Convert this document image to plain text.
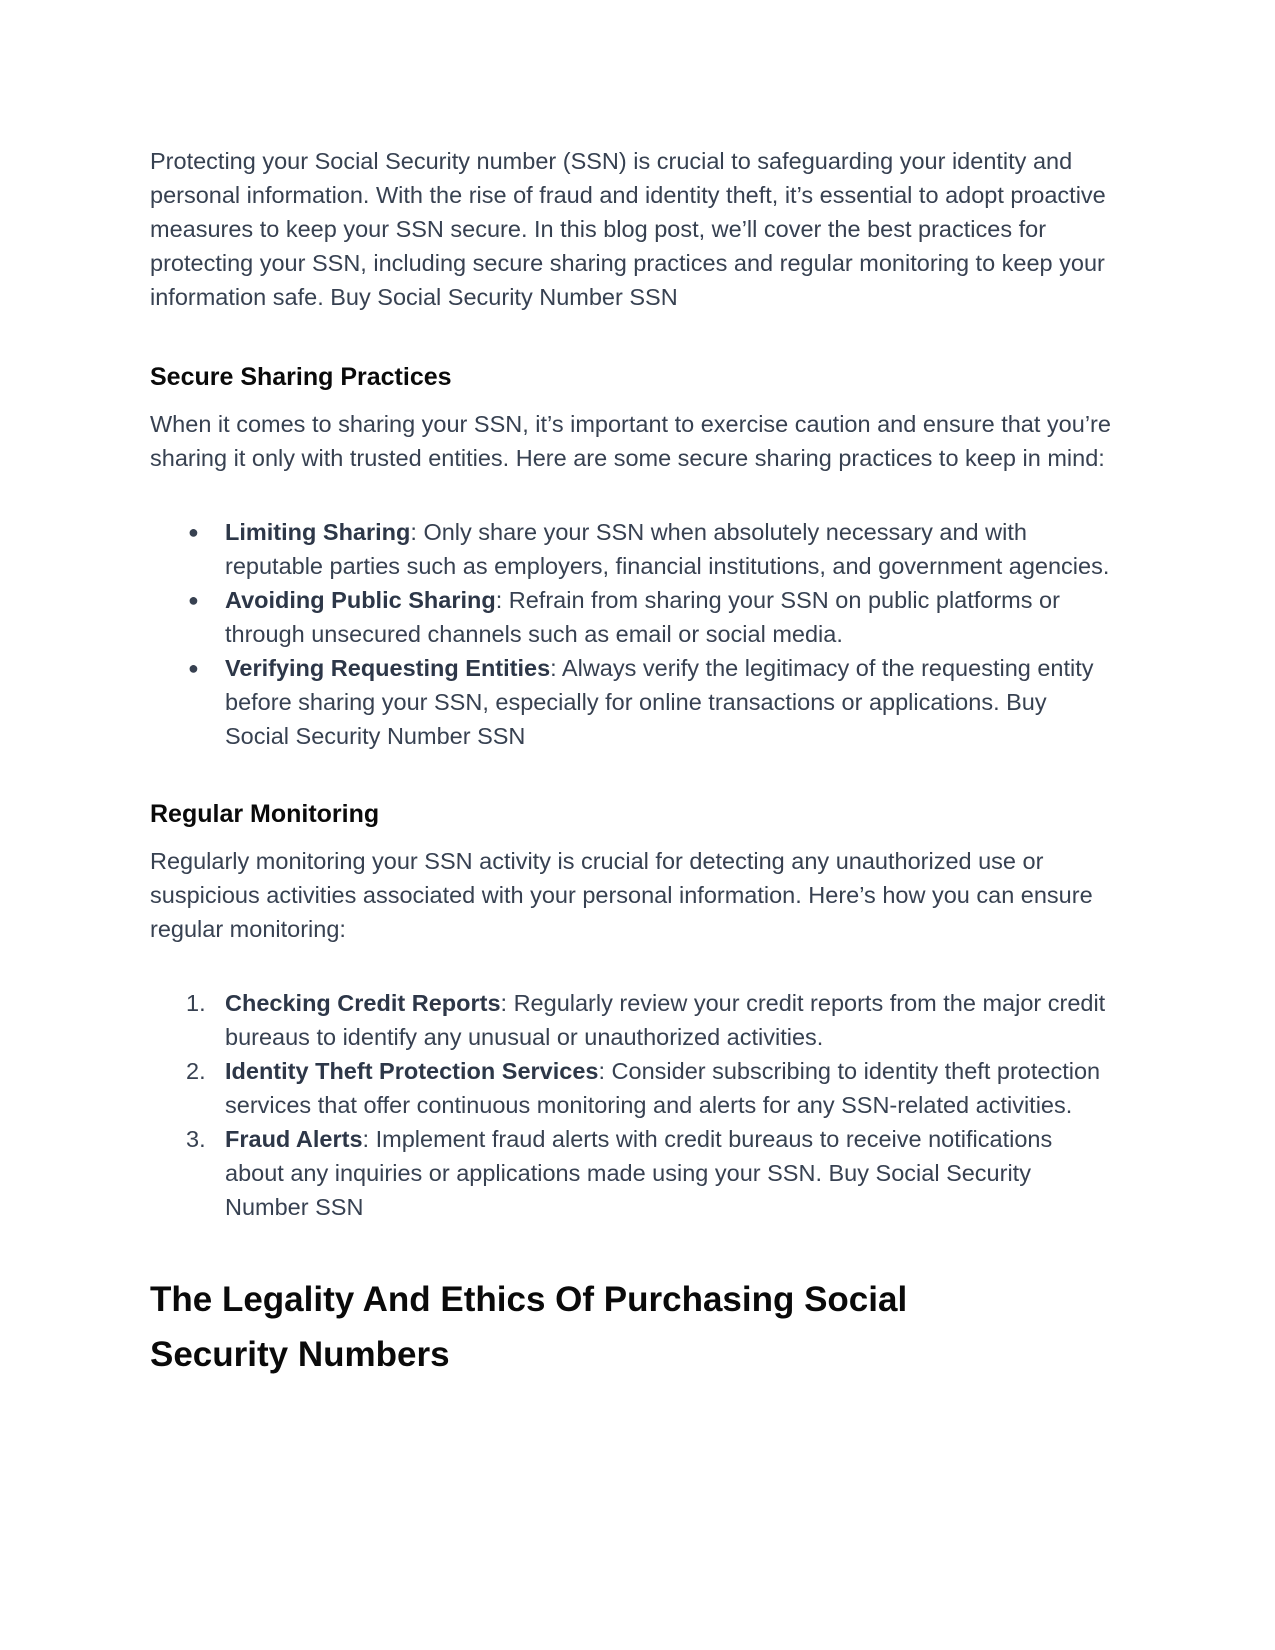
Protecting your Social Security number (SSN) is crucial to safeguarding your identity and personal information. With the rise of fraud and identity theft, it’s essential to adopt proactive measures to keep your SSN secure. In this blog post, we’ll cover the best practices for protecting your SSN, including secure sharing practices and regular monitoring to keep your information safe. Buy Social Security Number SSN

Secure Sharing Practices

When it comes to sharing your SSN, it’s important to exercise caution and ensure that you’re sharing it only with trusted entities. Here are some secure sharing practices to keep in mind:

● Limiting Sharing: Only share your SSN when absolutely necessary and with reputable parties such as employers, financial institutions, and government agencies.
● Avoiding Public Sharing: Refrain from sharing your SSN on public platforms or through unsecured channels such as email or social media.
● Verifying Requesting Entities: Always verify the legitimacy of the requesting entity before sharing your SSN, especially for online transactions or applications. Buy Social Security Number SSN
Regular Monitoring

Regularly monitoring your SSN activity is crucial for detecting any unauthorized use or suspicious activities associated with your personal information. Here’s how you can ensure regular monitoring:

1. Checking Credit Reports: Regularly review your credit reports from the major credit bureaus to identify any unusual or unauthorized activities.
2. Identity Theft Protection Services: Consider subscribing to identity theft protection services that offer continuous monitoring and alerts for any SSN-related activities.
3. Fraud Alerts: Implement fraud alerts with credit bureaus to receive notifications about any inquiries or applications made using your SSN. Buy Social Security Number SSN
The Legality And Ethics Of Purchasing Social Security Numbers
